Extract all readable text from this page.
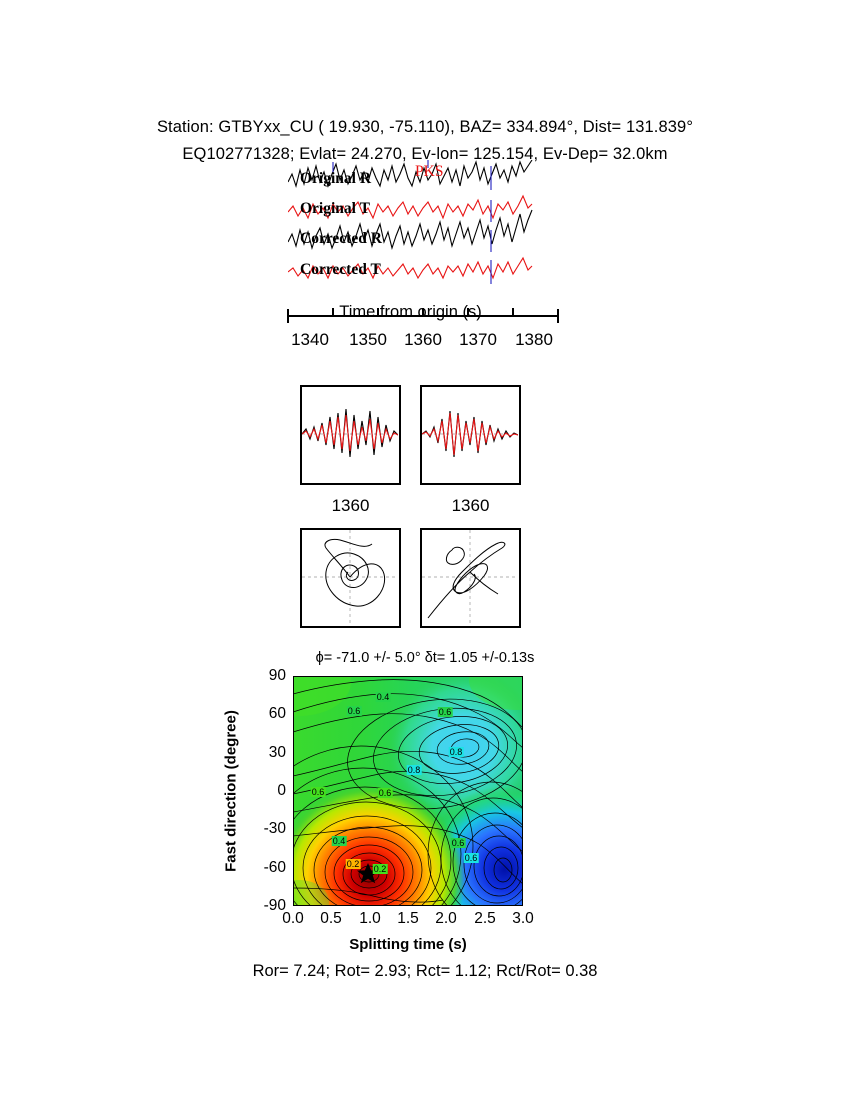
Station: GTBYxx_CU ( 19.930, -75.110), BAZ= 334.894°, Dist= 131.839°
EQ102771328; Evlat= 24.270, Ev-lon= 125.154, Ev-Dep= 32.0km
Original R
Original T
Corrected R
Corrected T
PKS
Time from origin (s)
1340 1350 1360 1370 1380
1360	1360
ϕ= -71.0 +/- 5.0° δt= 1.05 +/-0.13s
0.4
0.6	0.6
0.8
0.8
0.6	0.6
0.4	0.6
0.2
0.6
0.2
Fast direction (degree)
90
60
30
0
-30
-60
-90
0.0 0.5 1.0 1.5 2.0 2.5 3.0
Splitting time (s)
Ror= 7.24; Rot= 2.93; Rct= 1.12; Rct/Rot= 0.38
